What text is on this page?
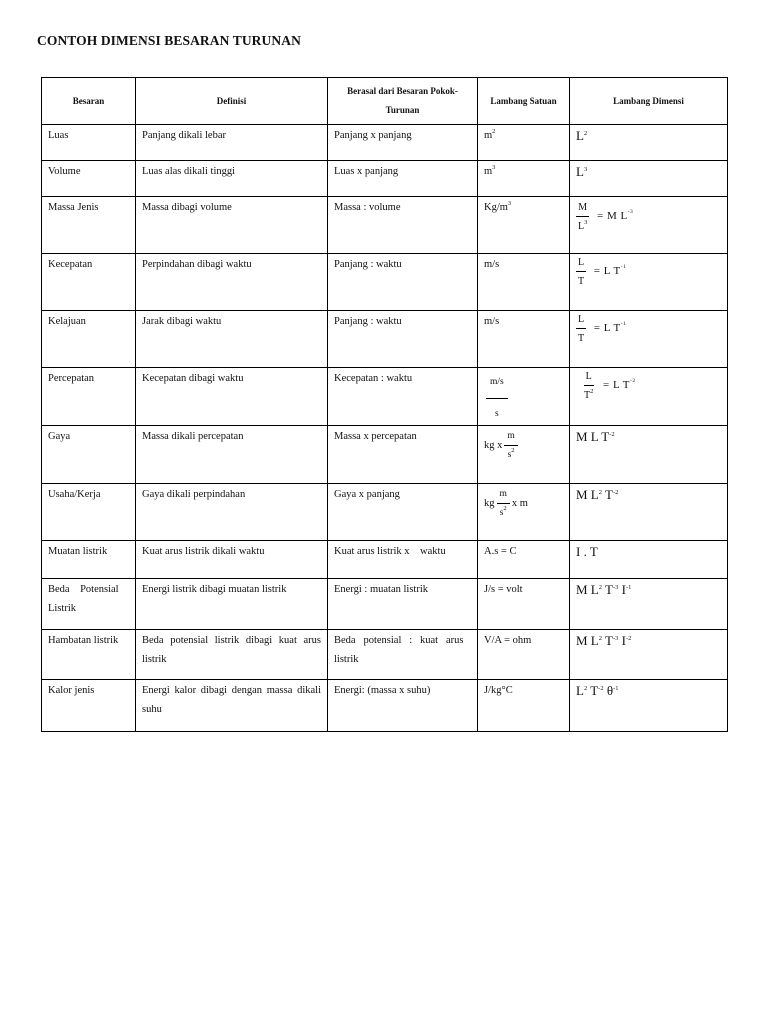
CONTOH DIMENSI BESARAN TURUNAN
Besaran	Definisi	Berasal dari Besaran Pokok-Turunan	Lambang Satuan	Lambang Dimensi
Luas	Panjang dikali lebar	Panjang x panjang	$m^2$	$L^2$
Volume	Luas alas dikali tinggi	Luas x panjang	$m^3$	$L^3$
Massa Jenis	Massa dibagi volume	Massa : volume	$Kg/m^3$	$\frac{M}{L^3} = M$ $L^{-3}$

Kecepatan	Perpindahan dibagi waktu	Panjang : waktu	m/s	$\frac{L}{T} = L$ $T^{-1}$

Kelajuan	Jarak dibagi waktu	Panjang : waktu	m/s	$\frac{L}{T} = L$ $T^{-1}$

Percepatan	Kecepatan dibagi waktu	Kecepatan : waktu	$\frac{m/s}{s}$	$\frac{L}{T^2} = L$ $T^{-2}$

Gaya	Massa dikali percepatan	Massa x percepatan	kg x $\frac{m}{s^2}$	M L $T^{-2}$
Usaha/Kerja	Gaya dikali perpindahan	Gaya x panjang	kg $\frac{m}{s^2}$ x m	M $L^2$ $T^{-2}$
Muatan listrik	Kuat arus listrik dikali waktu	Kuat arus listrik x    waktu	A.s = C	I . T
Beda    Potensial Listrik	Energi listrik dibagi muatan listrik	Energi : muatan listrik	J/s = volt	M $L^2$ $T^{-3}$ $I^{-1}$
Hambatan listrik	Beda potensial listrik dibagi kuat arus listrik	Beda   potensial   :   kuat   arus listrik	V/A = ohm	M $L^2$ $T^{-3}$ $I^{-2}$
Kalor jenis	Energi kalor dibagi dengan massa dikali suhu	Energi: (massa x suhu)	J/kg°C	$L^2$ $T^{-2}$ $\theta^{-1}$
